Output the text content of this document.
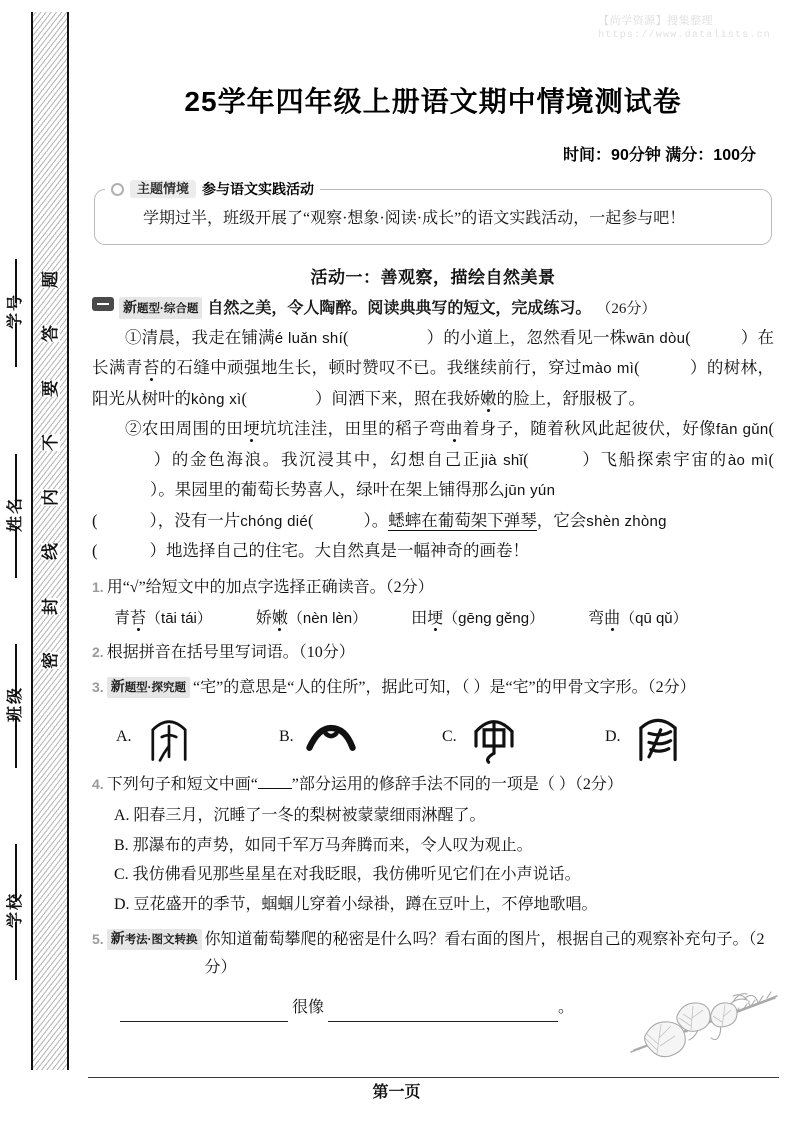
【尚学资源】搜集整理
https://www.datalists.cn
学号
姓名
班级
学校
题
答
要
不
内
线
封
密
25学年四年级上册语文期中情境测试卷
时间：90分钟 满分：100分
主题情境 参与语文实践活动
学期过半，班级开展了“观察·想象·阅读·成长”的语文实践活动，一起参与吧！
活动一：善观察，描绘自然美景
新题型·综合题 自然之美，令人陶醉。阅读典典写的短文，完成练习。 （26分）

①清晨，我走在铺满é luǎn shí(	）的小道上，忽然看见一株wān dòu(	）在长满青苔的石缝中顽强地生长，顿时赞叹不已。我继续前行，穿过mào mì(	）的树林，阳光从树叶的kòng xì(	）间洒下来，照在我娇嫩的脸上，舒服极了。

②农田周围的田埂坑坑洼洼，田里的稻子弯曲着身子，随着秋风此起彼伏，好像fān gǔn(）的金色海浪。我沉浸其中，幻想自己正jià shǐ(	）飞船探索宇宙的ào mì(）。果园里的葡萄长势喜人，绿叶在架上铺得那么jūn yún
(	），没有一片chóng dié(	）。蟋蟀在葡萄架下弹琴，它会shèn zhòng
(	）地选择自己的住宅。大自然真是一幅神奇的画卷！

1. 用“√”给短文中的加点字选择正确读音。（2分）
青苔（tāi tái）	娇嫩（nèn lèn）	田埂（gēng gěng）	弯曲（qū qǔ）
2. 根据拼音在括号里写词语。（10分）
3. 新题型·探究题 “宅”的意思是“人的住所”，据此可知，（ ）是“宅”的甲骨文字形。（2分）
A.	B.	C.	D.
4. 下列句子和短文中画“ ”部分运用的修辞手法不同的一项是（ ）（2分）
A. 阳春三月，沉睡了一冬的梨树被蒙蒙细雨淋醒了。
B. 那瀑布的声势，如同千军万马奔腾而来，令人叹为观止。
C. 我仿佛看见那些星星在对我眨眼，我仿佛听见它们在小声说话。
D. 豆花盛开的季节，蝈蝈儿穿着小绿褂，蹲在豆叶上，不停地歌唱。
5. 新考法·图文转换 你知道葡萄攀爬的秘密是什么吗？看右面的图片，根据自己的观察补充句子。（2分）
很像	。
第一页
